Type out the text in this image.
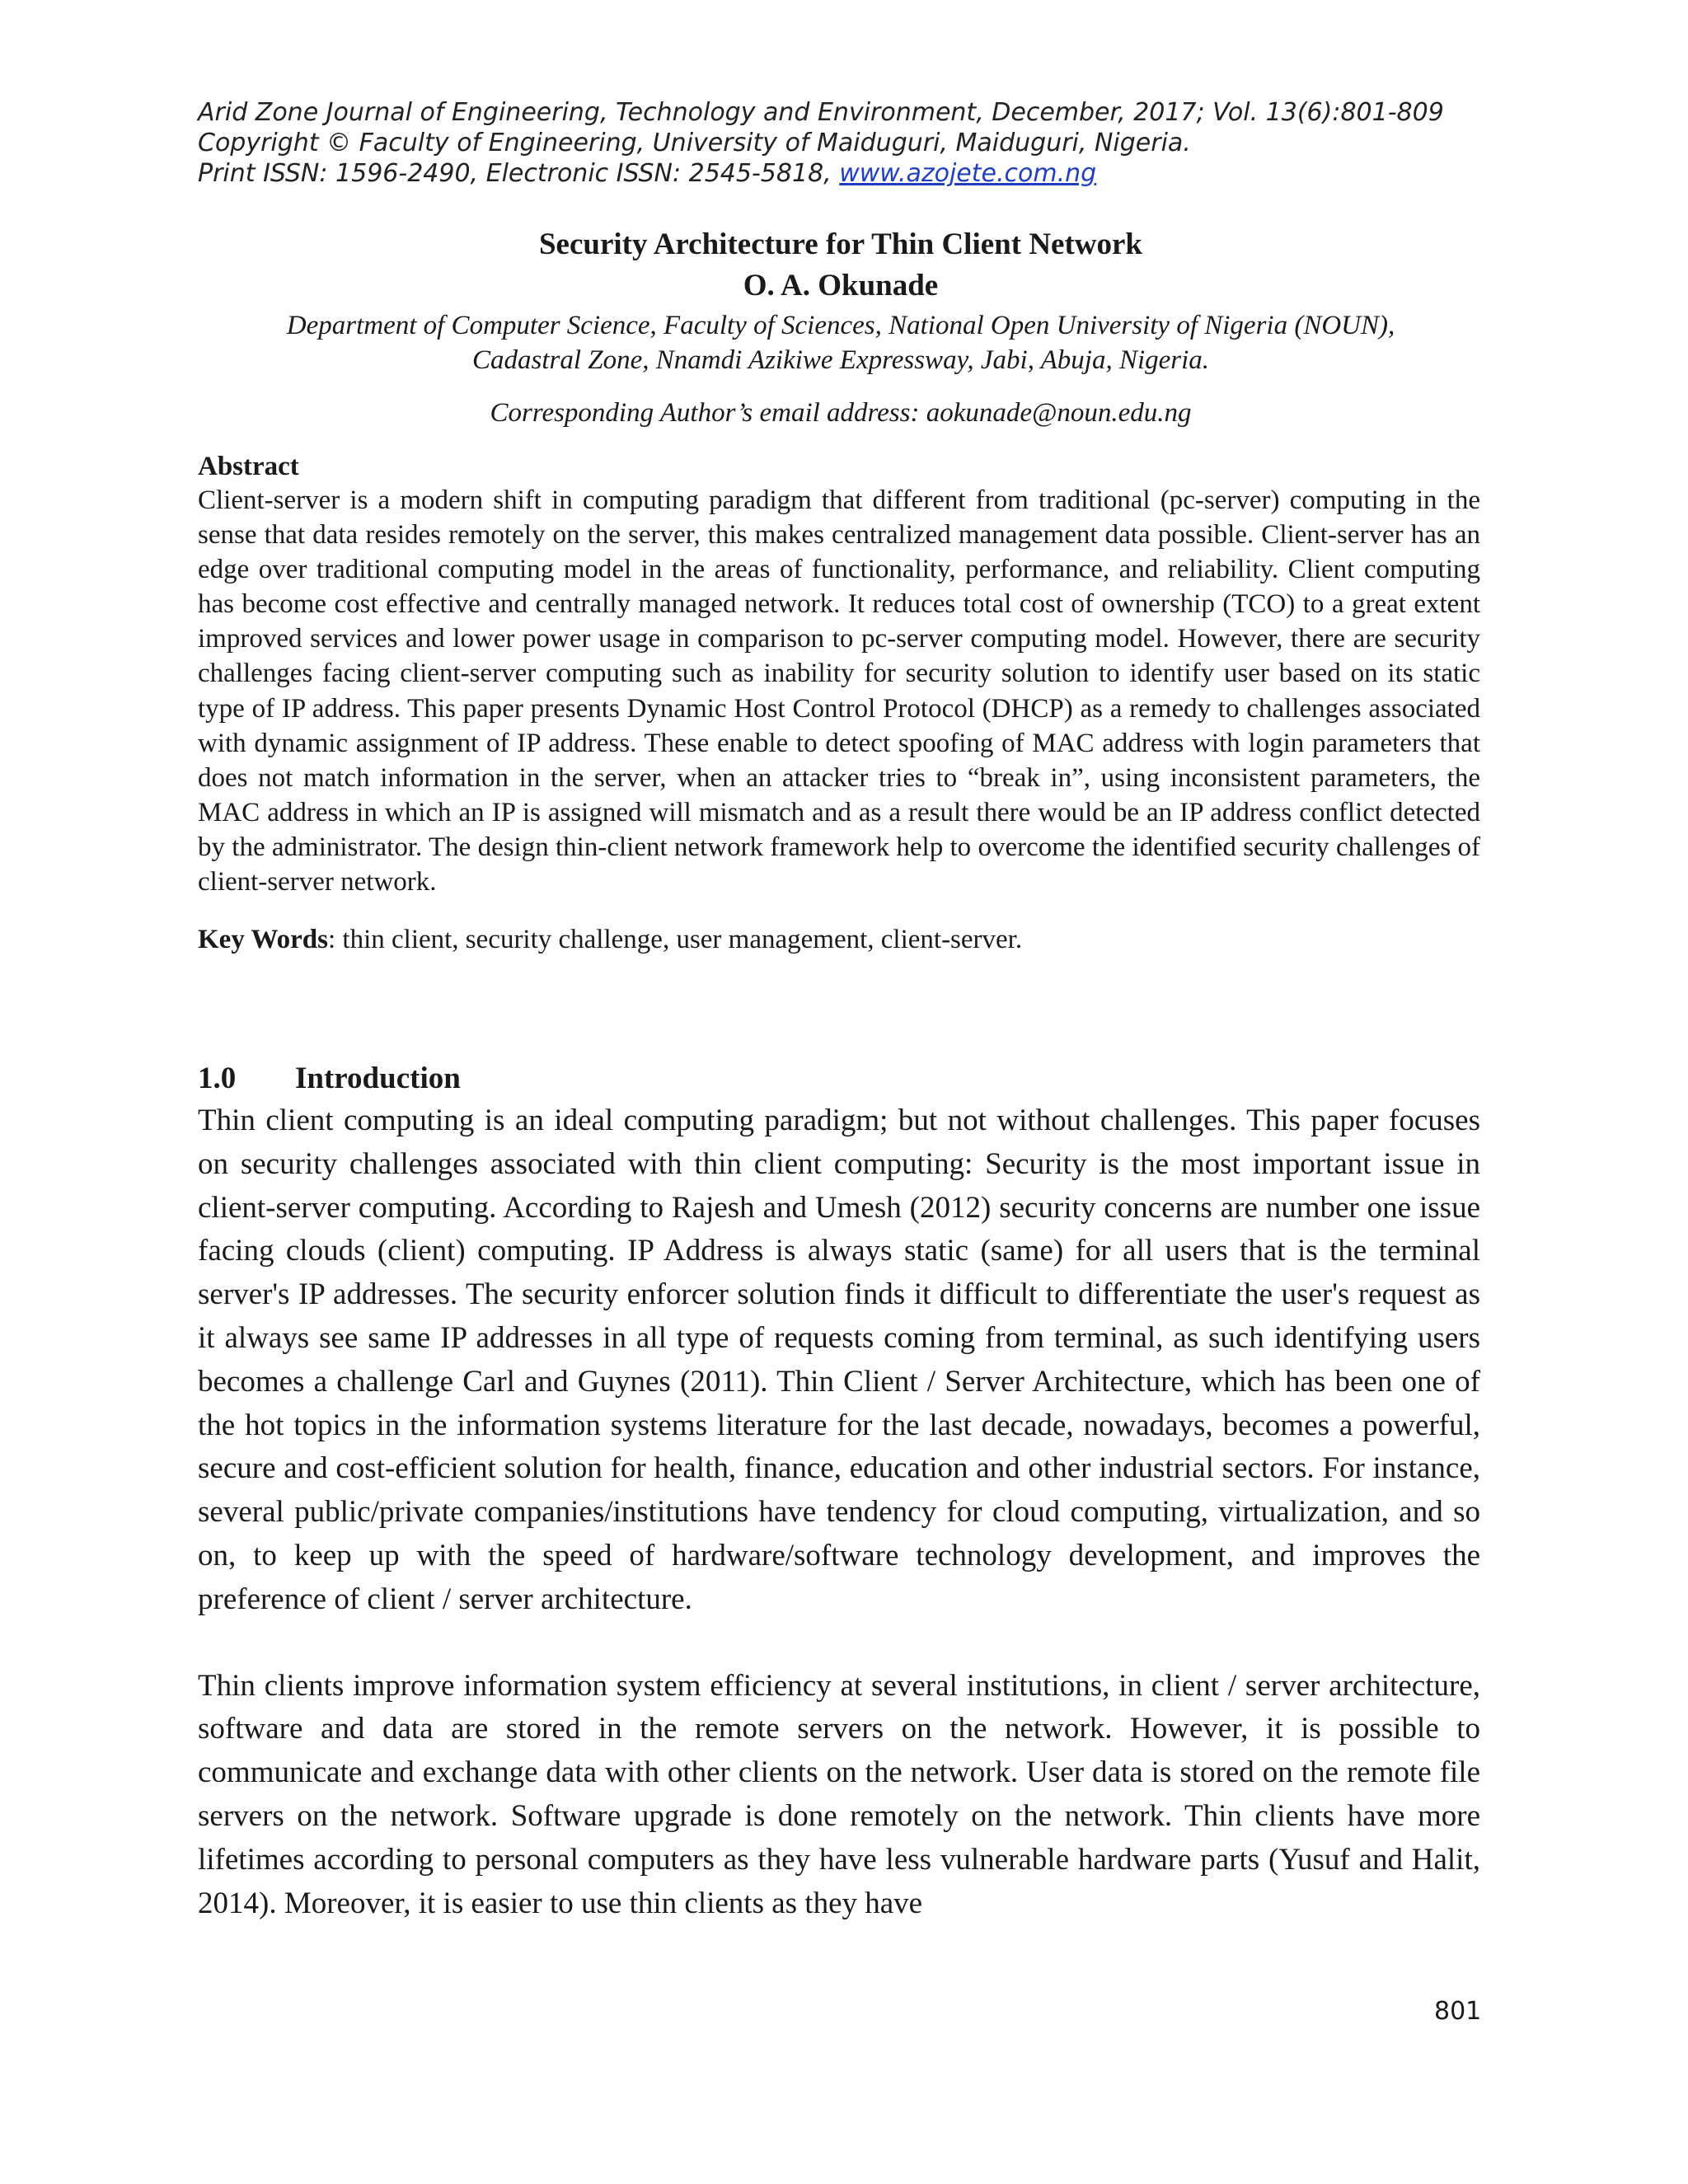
Arid Zone Journal of Engineering, Technology and Environment, December, 2017; Vol. 13(6):801-809
Copyright © Faculty of Engineering, University of Maiduguri, Maiduguri, Nigeria.
Print ISSN: 1596-2490, Electronic ISSN: 2545-5818, www.azojete.com.ng
Security Architecture for Thin Client Network

O. A. Okunade

Department of Computer Science, Faculty of Sciences, National Open University of Nigeria (NOUN),
Cadastral Zone, Nnamdi Azikiwe Expressway, Jabi, Abuja, Nigeria.

Corresponding Author’s email address: aokunade@noun.edu.ng

Abstract

Client-server is a modern shift in computing paradigm that different from traditional (pc-server) computing in the sense that data resides remotely on the server, this makes centralized management data possible. Client-server has an edge over traditional computing model in the areas of functionality, performance, and reliability. Client computing has become cost effective and centrally managed network. It reduces total cost of ownership (TCO) to a great extent improved services and lower power usage in comparison to pc-server computing model. However, there are security challenges facing client-server computing such as inability for security solution to identify user based on its static type of IP address. This paper presents Dynamic Host Control Protocol (DHCP) as a remedy to challenges associated with dynamic assignment of IP address. These enable to detect spoofing of MAC address with login parameters that does not match information in the server, when an attacker tries to “break in”, using inconsistent parameters, the MAC address in which an IP is assigned will mismatch and as a result there would be an IP address conflict detected by the administrator. The design thin-client network framework help to overcome the identified security challenges of client-server network.

Key Words: thin client, security challenge, user management, client-server.

1.0	Introduction

Thin client computing is an ideal computing paradigm; but not without challenges. This paper focuses on security challenges associated with thin client computing: Security is the most important issue in client-server computing. According to Rajesh and Umesh (2012) security concerns are number one issue facing clouds (client) computing. IP Address is always static (same) for all users that is the terminal server's IP addresses. The security enforcer solution finds it difficult to differentiate the user's request as it always see same IP addresses in all type of requests coming from terminal, as such identifying users becomes a challenge Carl and Guynes (2011). Thin Client / Server Architecture, which has been one of the hot topics in the information systems literature for the last decade, nowadays, becomes a powerful, secure and cost-efficient solution for health, finance, education and other industrial sectors. For instance, several public/private companies/institutions have tendency for cloud computing, virtualization, and so on, to keep up with the speed of hardware/software technology development, and improves the preference of client / server architecture.

Thin clients improve information system efficiency at several institutions, in client / server architecture, software and data are stored in the remote servers on the network. However, it is possible to communicate and exchange data with other clients on the network. User data is stored on the remote file servers on the network. Software upgrade is done remotely on the network. Thin clients have more lifetimes according to personal computers as they have less vulnerable hardware parts (Yusuf and Halit, 2014). Moreover, it is easier to use thin clients as they have

801
